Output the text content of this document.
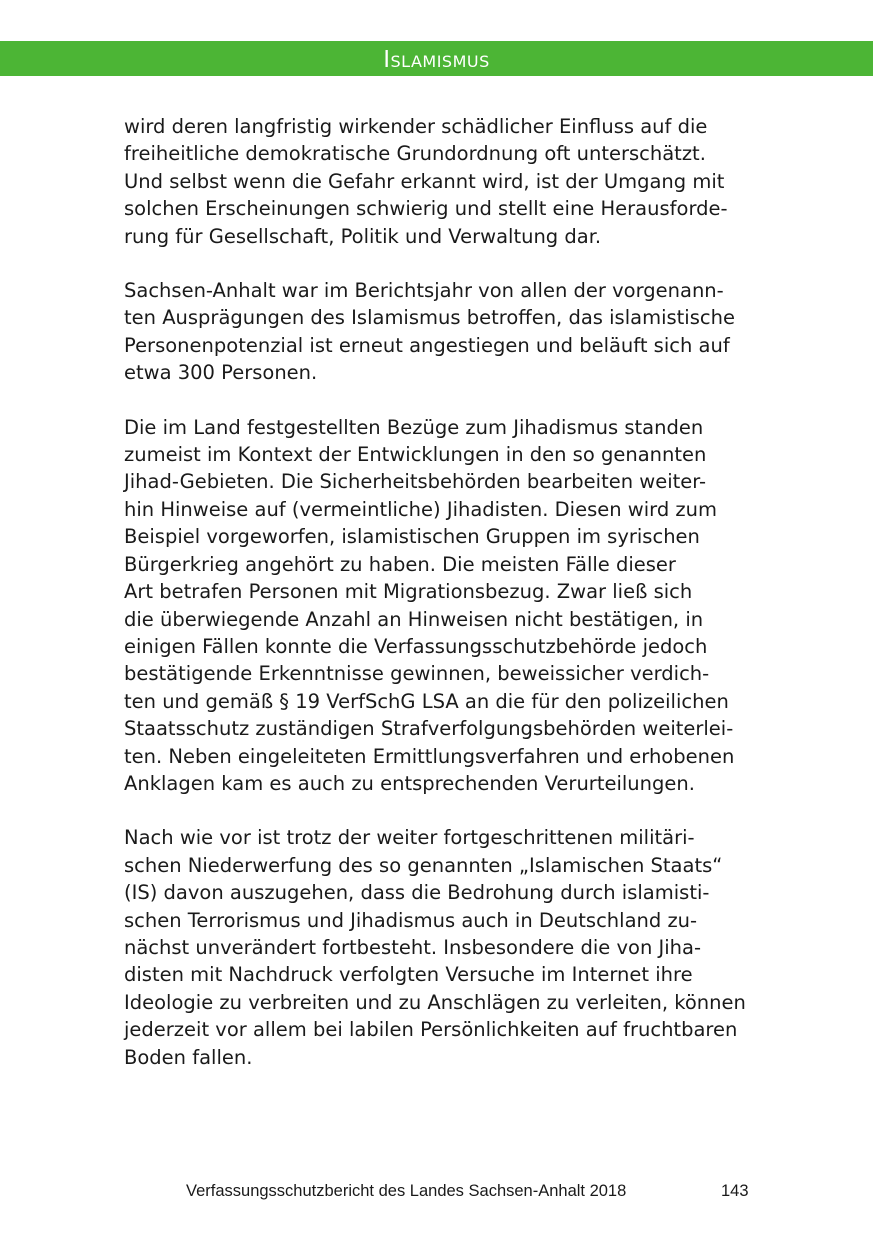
Islamismus

wird deren langfristig wirkender schädlicher Einfluss auf die
freiheitliche demokratische Grundordnung oft unterschätzt.
Und selbst wenn die Gefahr erkannt wird, ist der Umgang mit
solchen Erscheinungen schwierig und stellt eine Herausforde-
rung für Gesellschaft, Politik und Verwaltung dar.

Sachsen-Anhalt war im Berichtsjahr von allen der vorgenann-
ten Ausprägungen des Islamismus betroffen, das islamistische
Personenpotenzial ist erneut angestiegen und beläuft sich auf
etwa 300 Personen.

Die im Land festgestellten Bezüge zum Jihadismus standen
zumeist im Kontext der Entwicklungen in den so genannten
Jihad-Gebieten. Die Sicherheitsbehörden bearbeiten weiter-
hin Hinweise auf (vermeintliche) Jihadisten. Diesen wird zum
Beispiel vorgeworfen, islamistischen Gruppen im syrischen
Bürgerkrieg angehört zu haben. Die meisten Fälle dieser
Art betrafen Personen mit Migrationsbezug. Zwar ließ sich
die überwiegende Anzahl an Hinweisen nicht bestätigen, in
einigen Fällen konnte die Verfassungsschutzbehörde jedoch
bestätigende Erkenntnisse gewinnen, beweissicher verdich-
ten und gemäß § 19 VerfSchG LSA an die für den polizeilichen
Staatsschutz zuständigen Strafverfolgungsbehörden weiterlei-
ten. Neben eingeleiteten Ermittlungsverfahren und erhobenen
Anklagen kam es auch zu entsprechenden Verurteilungen.

Nach wie vor ist trotz der weiter fortgeschrittenen militäri-
schen Niederwerfung des so genannten „Islamischen Staats“
(IS) davon auszugehen, dass die Bedrohung durch islamisti-
schen Terrorismus und Jihadismus auch in Deutschland zu-
nächst unverändert fortbesteht. Insbesondere die von Jiha-
disten mit Nachdruck verfolgten Versuche im Internet ihre
Ideologie zu verbreiten und zu Anschlägen zu verleiten, können
jederzeit vor allem bei labilen Persönlichkeiten auf fruchtbaren
Boden fallen.

Verfassungsschutzbericht des Landes Sachsen-Anhalt 2018	143
